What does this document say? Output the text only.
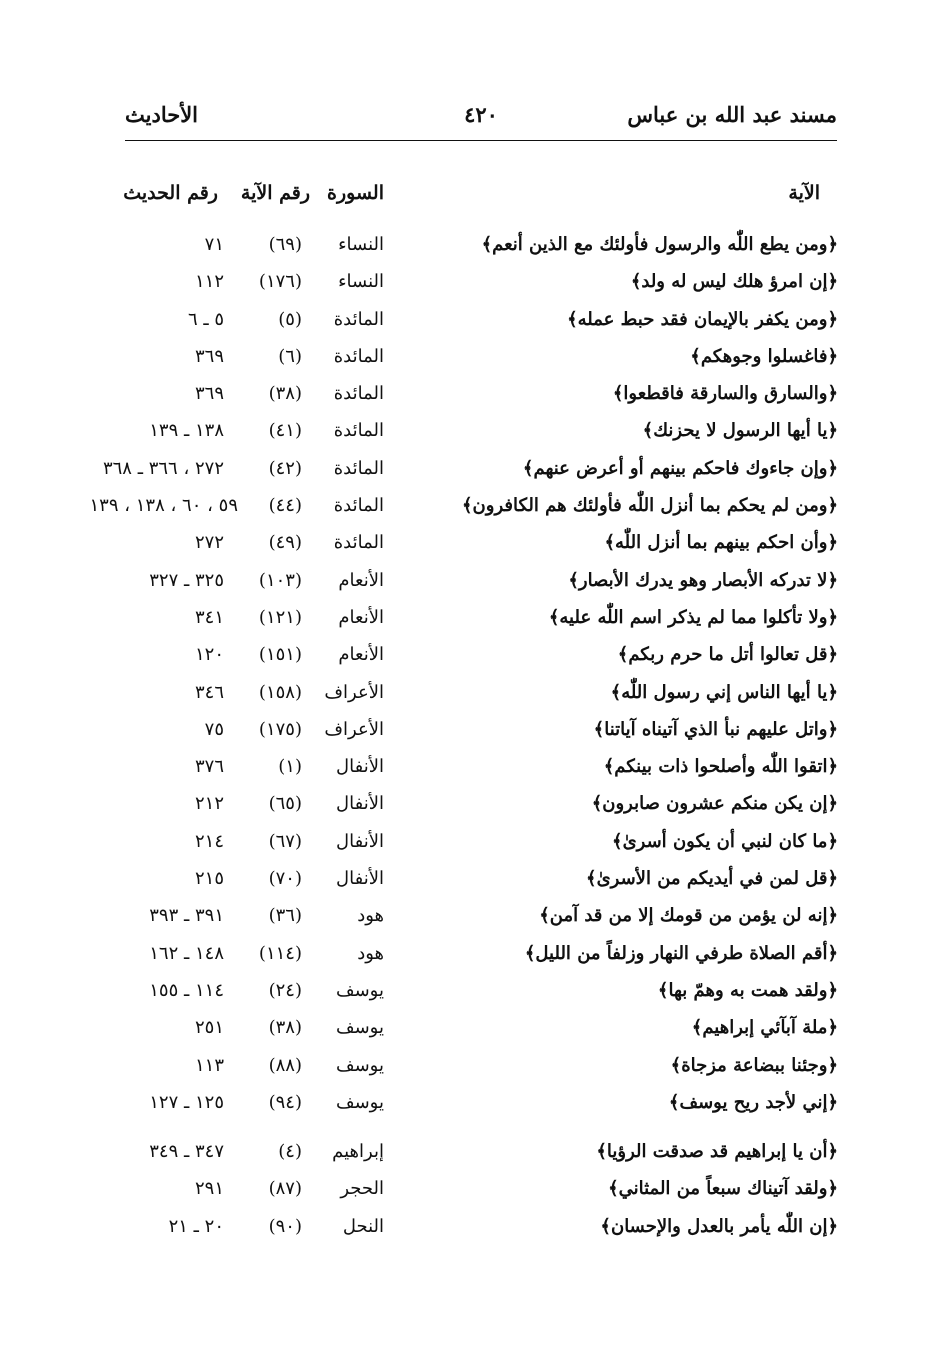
مسند عبد الله بن عباس
٤٢٠
الأحاديث
الآية
السورة
رقم الآية
رقم الحديث
﴿ومن يطع اللّٰه والرسول فأولئك مع الذين أنعم﴾
النساء
(٦٩)
٧١
﴿إن امرؤ هلك ليس له ولد﴾
النساء
(١٧٦)
١١٢
﴿ومن يكفر بالإيمان فقد حبط عمله﴾
المائدة
(٥)
٥ ـ ٦
﴿فاغسلوا وجوهكم﴾
المائدة
(٦)
٣٦٩
﴿والسارق والسارقة فاقطعوا﴾
المائدة
(٣٨)
٣٦٩
﴿يا أيها الرسول لا يحزنك﴾
المائدة
(٤١)
١٣٨ ـ ١٣٩
﴿وإن جاءوك فاحكم بينهم أو أعرض عنهم﴾
المائدة
(٤٢)
٢٧٢ ، ٣٦٦ ـ ٣٦٨
﴿ومن لم يحكم بما أنزل اللّٰه فأولئك هم الكافرون﴾
المائدة
(٤٤)
٥٩ ، ٦٠ ، ١٣٨ ، ١٣٩
﴿وأن احكم بينهم بما أنزل اللّٰه﴾
المائدة
(٤٩)
٢٧٢
﴿لا تدركه الأبصار وهو يدرك الأبصار﴾
الأنعام
(١٠٣)
٣٢٥ ـ ٣٢٧
﴿ولا تأكلوا مما لم يذكر اسم اللّٰه عليه﴾
الأنعام
(١٢١)
٣٤١
﴿قل تعالوا أتل ما حرم ربكم﴾
الأنعام
(١٥١)
١٢٠
﴿يا أيها الناس إني رسول اللّٰه﴾
الأعراف
(١٥٨)
٣٤٦
﴿واتل عليهم نبأ الذي آتيناه آياتنا﴾
الأعراف
(١٧٥)
٧٥
﴿اتقوا اللّٰه وأصلحوا ذات بينكم﴾
الأنفال
(١)
٣٧٦
﴿إن يكن منكم عشرون صابرون﴾
الأنفال
(٦٥)
٢١٢
﴿ما كان لنبي أن يكون أسرىٰ﴾
الأنفال
(٦٧)
٢١٤
﴿قل لمن في أيديكم من الأسرىٰ﴾
الأنفال
(٧٠)
٢١٥
﴿إنه لن يؤمن من قومك إلا من قد آمن﴾
هود
(٣٦)
٣٩١ ـ ٣٩٣
﴿أقم الصلاة طرفي النهار وزلفاً من الليل﴾
هود
(١١٤)
١٤٨ ـ ١٦٢
﴿ولقد همت به وهمّ بها﴾
يوسف
(٢٤)
١١٤ ـ ١٥٥
﴿ملة آبآئي إبراهيم﴾
يوسف
(٣٨)
٢٥١
﴿وجئنا ببضاعة مزجاة﴾
يوسف
(٨٨)
١١٣
﴿إني لأجد ريح يوسف﴾
يوسف
(٩٤)
١٢٥ ـ ١٢٧
﴿أن يا إبراهيم قد صدقت الرؤيا﴾
إبراهيم
(٤)
٣٤٧ ـ ٣٤٩
﴿ولقد آتيناك سبعاً من المثاني﴾
الحجر
(٨٧)
٢٩١
﴿إن اللّٰه يأمر بالعدل والإحسان﴾
النحل
(٩٠)
٢٠ ـ ٢١
